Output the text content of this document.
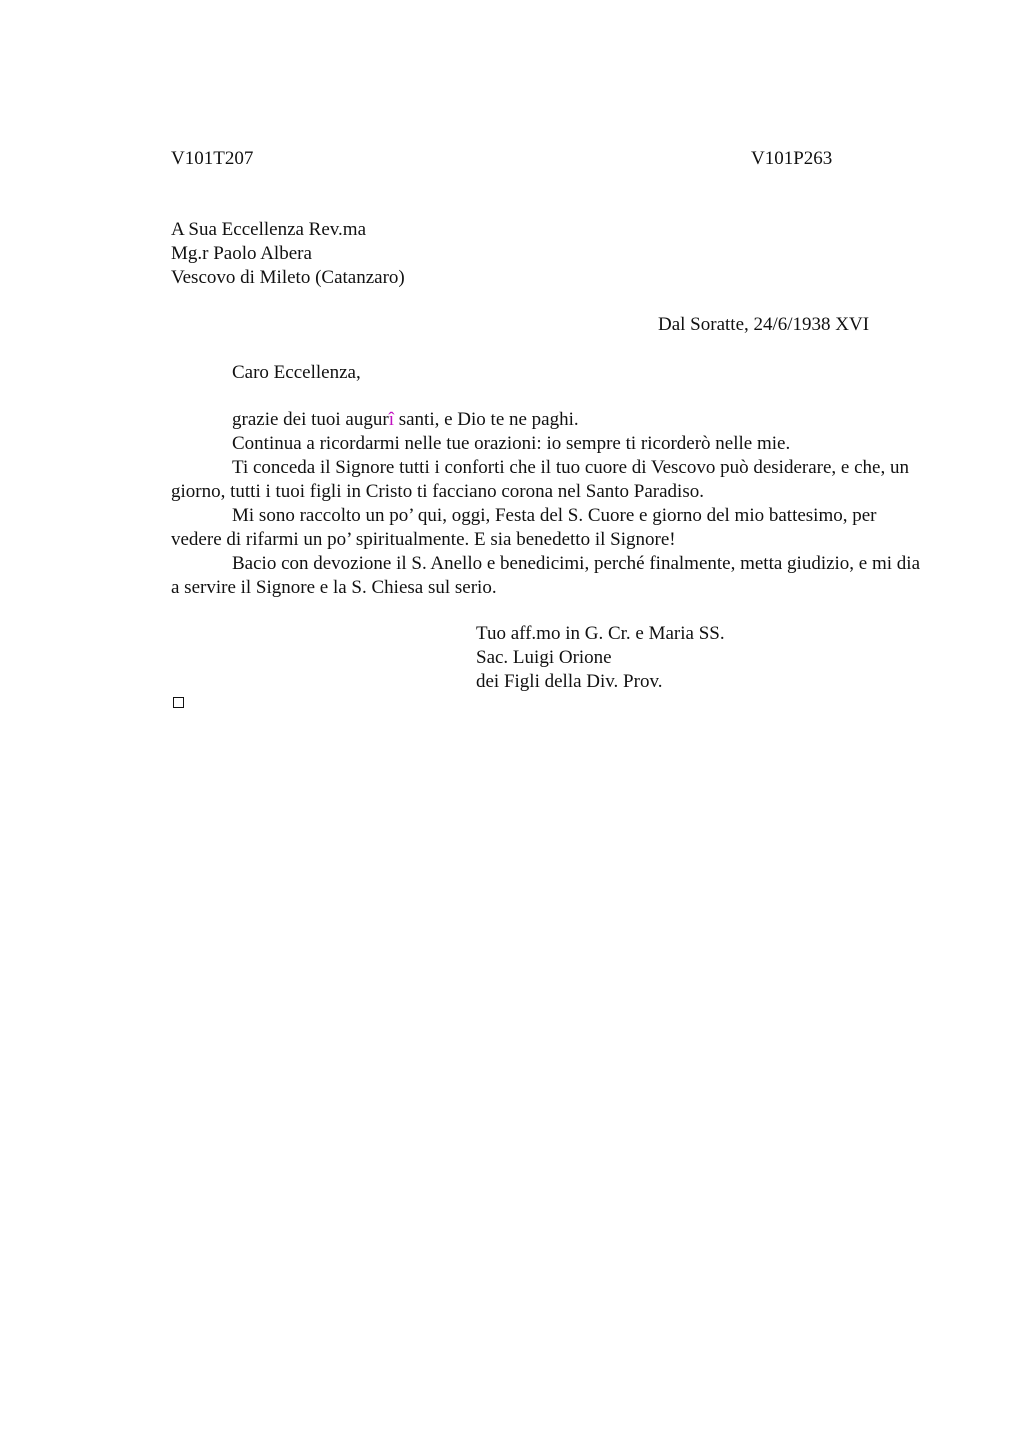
V101T207	V101P263
A Sua Eccellenza Rev.ma
Mg.r Paolo Albera
Vescovo di Mileto (Catanzaro)
Dal Soratte, 24/6/1938 XVI
Caro Eccellenza,

grazie dei tuoi augurî santi, e Dio te ne paghi.

Continua a ricordarmi nelle tue orazioni: io sempre ti ricorderò nelle mie.

Ti conceda il Signore tutti i conforti che il tuo cuore di Vescovo può desiderare, e che, un giorno, tutti i tuoi figli in Cristo ti facciano corona nel Santo Paradiso.

Mi sono raccolto un po’ qui, oggi, Festa del S. Cuore e giorno del mio battesimo, per vedere di rifarmi un po’ spiritualmente. E sia benedetto il Signore!

Bacio con devozione il S. Anello e benedicimi, perché finalmente, metta giudizio, e mi dia a servire il Signore e la S. Chiesa sul serio.

Tuo aff.mo in G. Cr. e Maria SS.
Sac. Luigi Orione
dei Figli della Div. Prov.
